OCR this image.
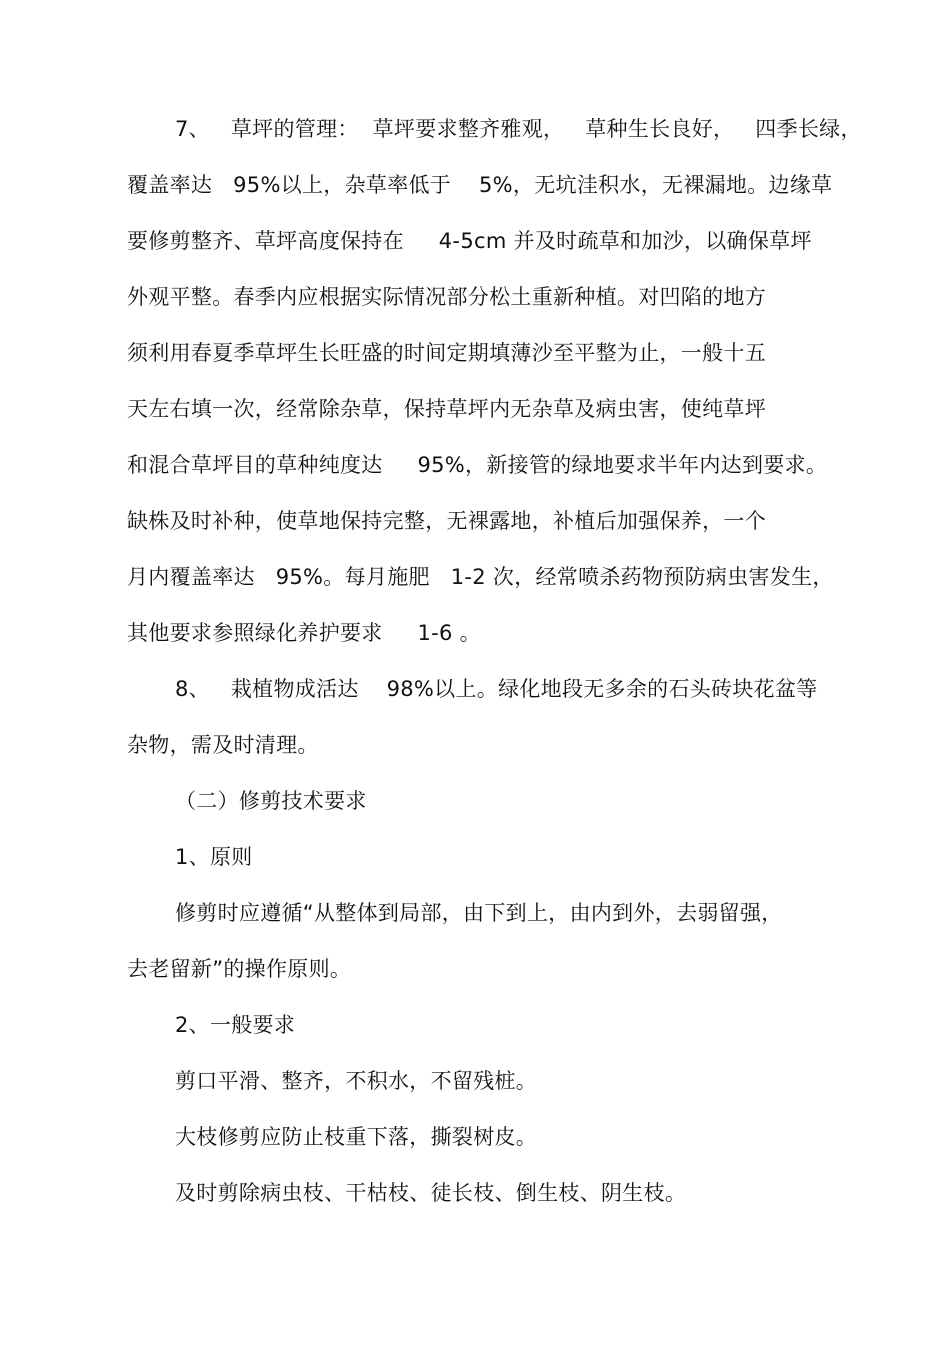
7、   草坪的管理：  草坪要求整齐雅观，   草种生长良好，   四季长绿，
覆盖率达   95%以上，杂草率低于    5%，无坑洼积水，无裸漏地。边缘草
要修剪整齐、草坪高度保持在     4-5cm 并及时疏草和加沙，以确保草坪
外观平整。春季内应根据实际情况部分松土重新种植。对凹陷的地方
须利用春夏季草坪生长旺盛的时间定期填薄沙至平整为止，一般十五
天左右填一次，经常除杂草，保持草坪内无杂草及病虫害，使纯草坪
和混合草坪目的草种纯度达     95%，新接管的绿地要求半年内达到要求。
缺株及时补种，使草地保持完整，无裸露地，补植后加强保养，一个
月内覆盖率达   95%。每月施肥   1-2 次，经常喷杀药物预防病虫害发生，
其他要求参照绿化养护要求     1-6 。
8、   栽植物成活达    98%以上。绿化地段无多余的石头砖块花盆等
杂物，需及时清理。
（二）修剪技术要求
1、原则
修剪时应遵循“从整体到局部，由下到上，由内到外，去弱留强，
去老留新”的操作原则。
2、一般要求
剪口平滑、整齐，不积水，不留残桩。
大枝修剪应防止枝重下落，撕裂树皮。
及时剪除病虫枝、干枯枝、徒长枝、倒生枝、阴生枝。
